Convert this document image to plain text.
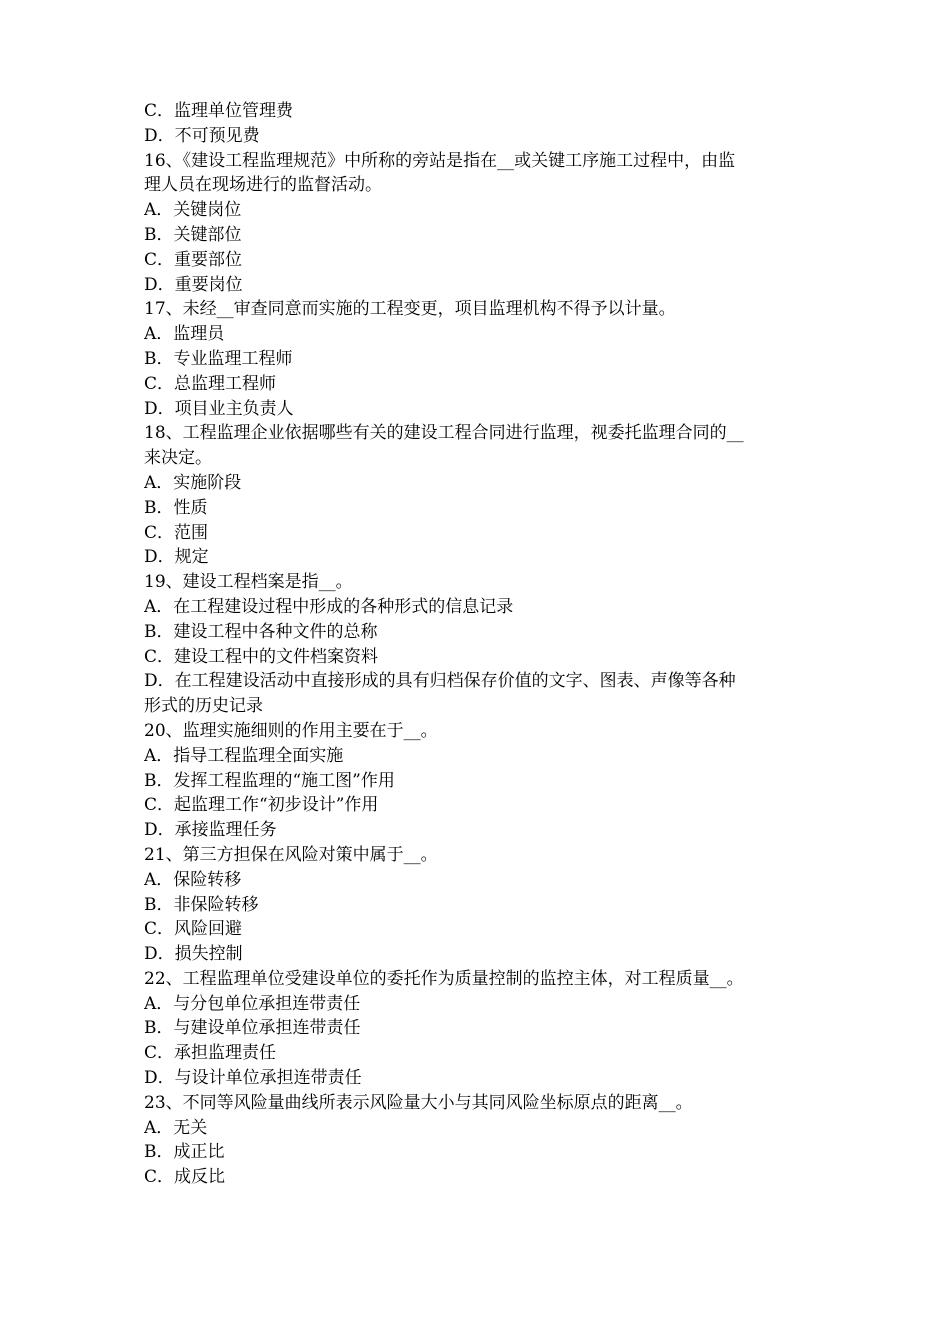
C．监理单位管理费
D．不可预见费
16、《建设工程监理规范》中所称的旁站是指在__或关键工序施工过程中，由监
理人员在现场进行的监督活动。
A．关键岗位
B．关键部位
C．重要部位
D．重要岗位
17、未经__审查同意而实施的工程变更，项目监理机构不得予以计量。
A．监理员
B．专业监理工程师
C．总监理工程师
D．项目业主负责人
18、工程监理企业依据哪些有关的建设工程合同进行监理，视委托监理合同的__
来决定。
A．实施阶段
B．性质
C．范围
D．规定
19、建设工程档案是指__。
A．在工程建设过程中形成的各种形式的信息记录
B．建设工程中各种文件的总称
C．建设工程中的文件档案资料
D．在工程建设活动中直接形成的具有归档保存价值的文字、图表、声像等各种
形式的历史记录
20、监理实施细则的作用主要在于__。
A．指导工程监理全面实施
B．发挥工程监理的“施工图”作用
C．起监理工作“初步设计”作用
D．承接监理任务
21、第三方担保在风险对策中属于__。
A．保险转移
B．非保险转移
C．风险回避
D．损失控制
22、工程监理单位受建设单位的委托作为质量控制的监控主体，对工程质量__。
A．与分包单位承担连带责任
B．与建设单位承担连带责任
C．承担监理责任
D．与设计单位承担连带责任
23、不同等风险量曲线所表示风险量大小与其同风险坐标原点的距离__。
A．无关
B．成正比
C．成反比
